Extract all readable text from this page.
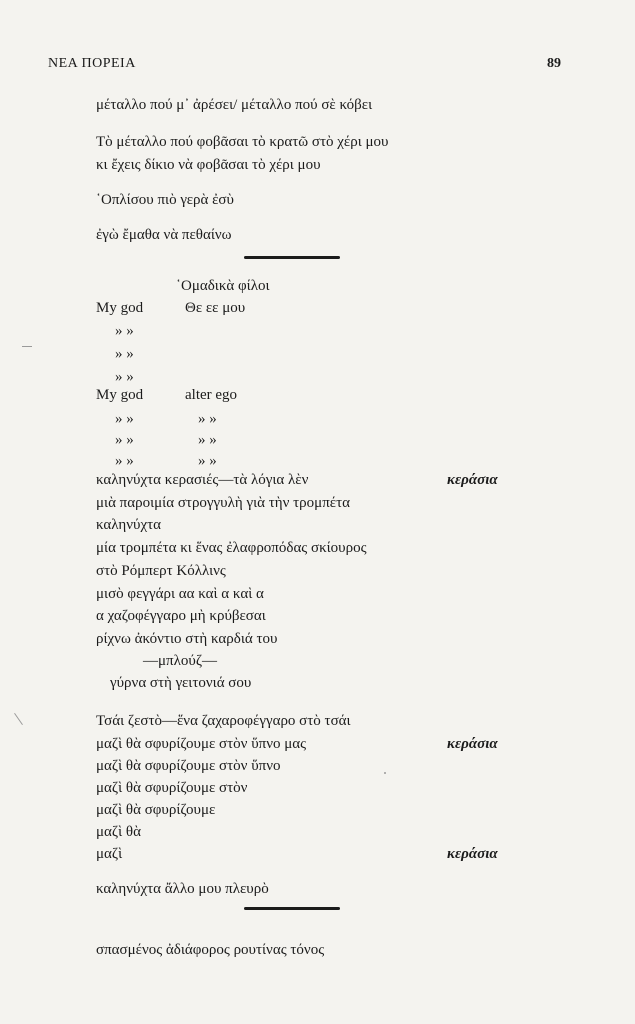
ΝΕΑ ΠΟΡΕΙΑ	89
μέταλλο πού μ᾽ ἀρέσει/ μέταλλο πού σὲ κόβει
Τὸ μέταλλο πού φοβᾶσαι τὸ κρατῶ στὸ χέρι μου
κι ἔχεις δίκιο νὰ φοβᾶσαι τὸ χέρι μου
῾Οπλίσου πιὸ γερὰ ἐσὺ
ἐγὼ ἔμαθα νὰ πεθαίνω
῾Ομαδικὰ φίλοι
My god	Θε εε μου
» »
» »
» »
My god	alter ego
» »	» »
» »	» »
» »	» »
καληνύχτα κερασιές—τὰ λόγια λὲν	κεράσια
μιὰ παροιμία στρογγυλὴ γιὰ τὴν τρομπέτα
καληνύχτα
μία τρομπέτα κι ἕνας ἐλαφροπόδας σκίουρος
στὸ Ρόμπερτ Κόλλινς
μισὸ φεγγάρι αα καὶ α καὶ α
α χαζοφέγγαρο μὴ κρύβεσαι
ρίχνω ἀκόντιο στὴ καρδιά του
—μπλούζ—
γύρνα στὴ γειτονιά σου
Τσάι ζεστὸ—ἕνα ζαχαροφέγγαρο στὸ τσάι
μαζὶ θὰ σφυρίζουμε στὸν ὕπνο μας	κεράσια
μαζὶ θὰ σφυρίζουμε στὸν ὕπνο
μαζὶ θὰ σφυρίζουμε στὸν
μαζὶ θὰ σφυρίζουμε
μαζὶ θὰ
μαζὶ	κεράσια
καληνύχτα ἄλλο μου πλευρὸ
σπασμένος ἀδιάφορος ρουτίνας τόνος
